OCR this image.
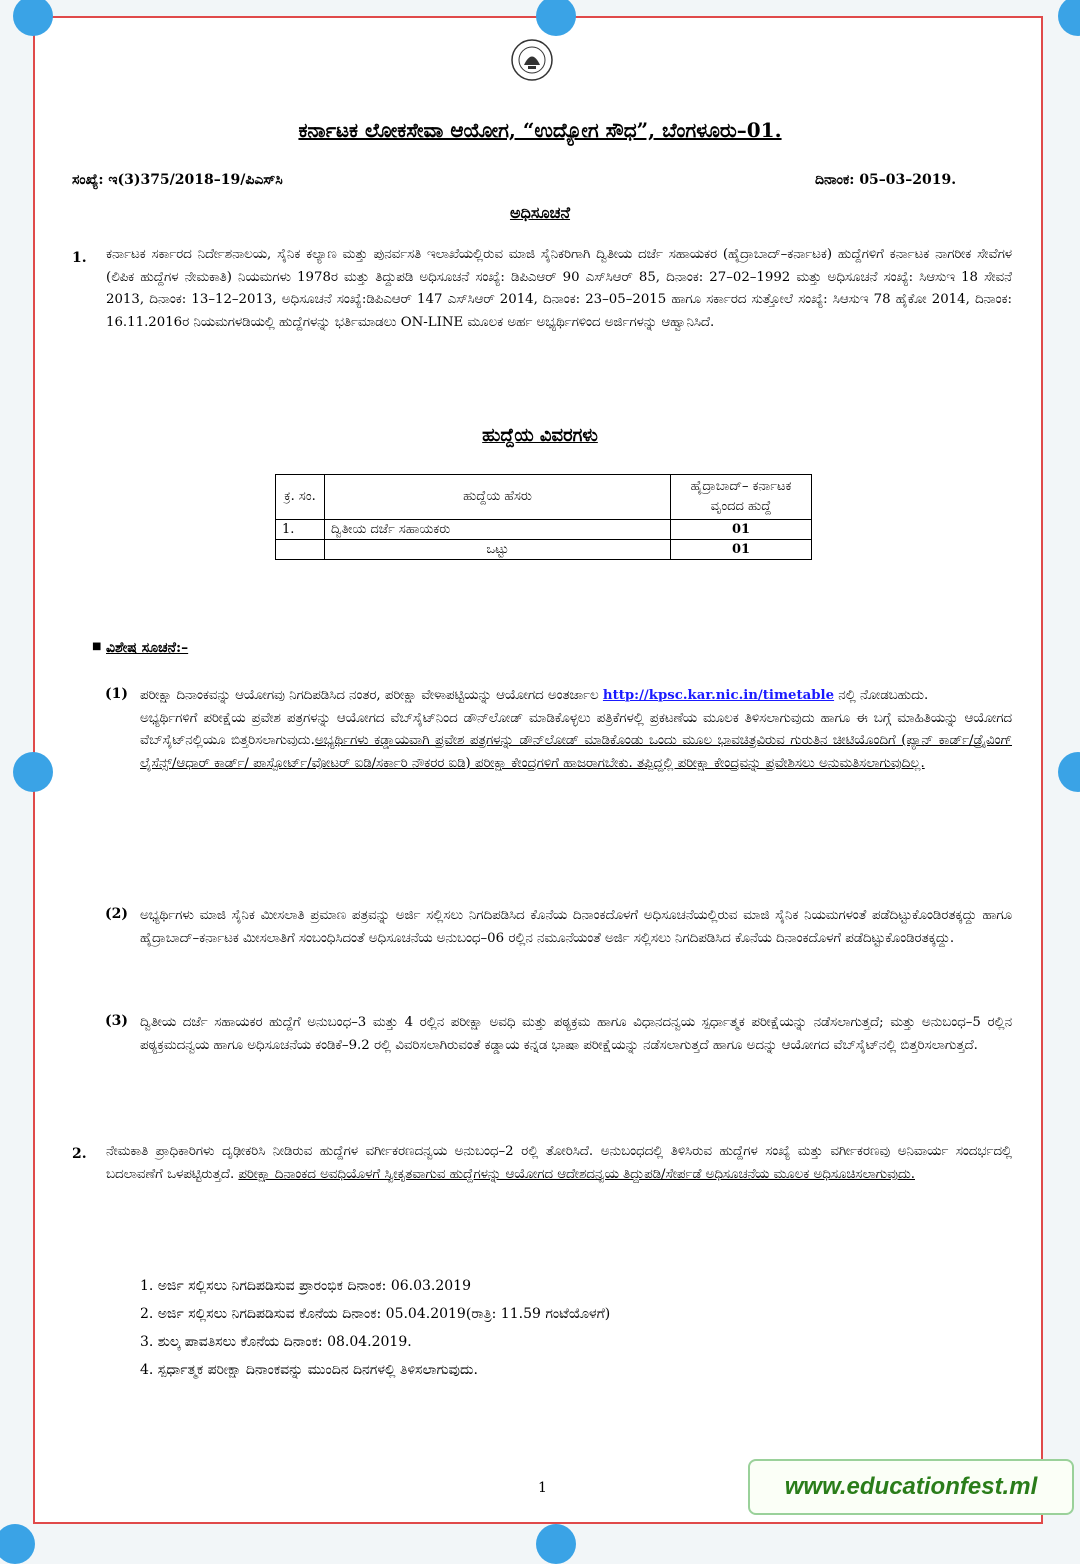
ಕರ್ನಾಟಕ ಲೋಕಸೇವಾ ಆಯೋಗ, “ಉದ್ಯೋಗ ಸೌಧ”, ಬೆಂಗಳೂರು–01.
ಸಂಖ್ಯೆ: ಇ(3)375/2018–19/ಪಿಎಸ್‌ಸಿ	ದಿನಾಂಕ: 05–03–2019.
ಅಧಿಸೂಚನೆ
1. ಕರ್ನಾಟಕ ಸರ್ಕಾರದ ನಿರ್ದೇಶನಾಲಯ, ಸೈನಿಕ ಕಲ್ಯಾಣ ಮತ್ತು ಪುನರ್ವಸತಿ ಇಲಾಖೆಯಲ್ಲಿರುವ ಮಾಜಿ ಸೈನಿಕರಿಗಾಗಿ ದ್ವಿತೀಯ ದರ್ಜೆ ಸಹಾಯಕರ (ಹೈದ್ರಾಬಾದ್–ಕರ್ನಾಟಕ) ಹುದ್ದೆಗಳಿಗೆ ಕರ್ನಾಟಕ ನಾಗರೀಕ ಸೇವೆಗಳ (ಲಿಪಿಕ ಹುದ್ದೆಗಳ ನೇಮಕಾತಿ) ನಿಯಮಗಳು 1978ರ ಮತ್ತು ತಿದ್ದುಪಡಿ ಅಧಿಸೂಚನೆ ಸಂಖ್ಯೆ: ಡಿಪಿಎಆರ್ 90 ಎಸ್‌ಸಿಆರ್ 85, ದಿನಾಂಕ: 27–02–1992 ಮತ್ತು ಅಧಿಸೂಚನೆ ಸಂಖ್ಯೆ: ಸಿಆಸುಇ 18 ಸೇವನೆ 2013, ದಿನಾಂಕ: 13–12–2013, ಅಧಿಸೂಚನೆ ಸಂಖ್ಯೆ:ಡಿಪಿಎಆರ್ 147 ಎಸ್‌ಸಿಆರ್ 2014, ದಿನಾಂಕ: 23–05–2015 ಹಾಗೂ ಸರ್ಕಾರದ ಸುತ್ತೋಲೆ ಸಂಖ್ಯೆ: ಸಿಆಸುಇ 78 ಹೈಕೋ 2014, ದಿನಾಂಕ: 16.11.2016ರ ನಿಯಮಗಳಡಿಯಲ್ಲಿ ಹುದ್ದೆಗಳನ್ನು ಭರ್ತಿಮಾಡಲು ON-LINE ಮೂಲಕ ಅರ್ಹ ಅಭ್ಯರ್ಥಿಗಳಿಂದ ಅರ್ಜಿಗಳನ್ನು ಆಹ್ವಾನಿಸಿದೆ.
ಹುದ್ದೆಯ ವಿವರಗಳು
ಕ್ರ. ಸಂ.	ಹುದ್ದೆಯ ಹೆಸರು	ಹೈದ್ರಾಬಾದ್– ಕರ್ನಾಟಕ ವೃಂದದ ಹುದ್ದೆ
1.	ದ್ವಿತೀಯ ದರ್ಜೆ ಸಹಾಯಕರು	01
	ಒಟ್ಟು	01
■ ವಿಶೇಷ ಸೂಚನೆ:–
(1) ಪರೀಕ್ಷಾ ದಿನಾಂಕವನ್ನು ಆಯೋಗವು ನಿಗದಿಪಡಿಸಿದ ನಂತರ, ಪರೀಕ್ಷಾ ವೇಳಾಪಟ್ಟಿಯನ್ನು ಆಯೋಗದ ಅಂತರ್ಜಾಲ http://kpsc.kar.nic.in/timetable ನಲ್ಲಿ ನೋಡಬಹುದು.
ಅಭ್ಯರ್ಥಿಗಳಿಗೆ ಪರೀಕ್ಷೆಯ ಪ್ರವೇಶ ಪತ್ರಗಳನ್ನು ಆಯೋಗದ ವೆಬ್‌ಸೈಟ್‌ನಿಂದ ಡೌನ್‌ಲೋಡ್ ಮಾಡಿಕೊಳ್ಳಲು ಪತ್ರಿಕೆಗಳಲ್ಲಿ ಪ್ರಕಟಣೆಯ ಮೂಲಕ ತಿಳಿಸಲಾಗುವುದು ಹಾಗೂ ಈ ಬಗ್ಗೆ ಮಾಹಿತಿಯನ್ನು ಆಯೋಗದ ವೆಬ್‌ಸೈಟ್‌ನಲ್ಲಿಯೂ ಬಿತ್ತರಿಸಲಾಗುವುದು.ಅಭ್ಯರ್ಥಿಗಳು ಕಡ್ಡಾಯವಾಗಿ ಪ್ರವೇಶ ಪತ್ರಗಳನ್ನು ಡೌನ್‌ಲೋಡ್ ಮಾಡಿಕೊಂಡು ಒಂದು ಮೂಲ ಭಾವಚಿತ್ರವಿರುವ ಗುರುತಿನ ಚೀಟಿಯೊಂದಿಗೆ (ಪ್ಯಾನ್ ಕಾರ್ಡ್/ಡ್ರೈವಿಂಗ್ ಲೈಸೆನ್ಸ್/ಆಧಾರ್ ಕಾರ್ಡ್/ ಪಾಸ್ಪೋರ್ಟ್/ವೋಟರ್ ಐಡಿ/ಸರ್ಕಾರಿ ನೌಕರರ ಐಡಿ) ಪರೀಕ್ಷಾ ಕೇಂದ್ರಗಳಿಗೆ ಹಾಜರಾಗಬೇಕು. ತಪ್ಪಿದ್ದಲ್ಲಿ ಪರೀಕ್ಷಾ ಕೇಂದ್ರವನ್ನು ಪ್ರವೇಶಿಸಲು ಅನುಮತಿಸಲಾಗುವುದಿಲ್ಲ.
(2) ಅಭ್ಯರ್ಥಿಗಳು ಮಾಜಿ ಸೈನಿಕ ಮೀಸಲಾತಿ ಪ್ರಮಾಣ ಪತ್ರವನ್ನು ಅರ್ಜಿ ಸಲ್ಲಿಸಲು ನಿಗದಿಪಡಿಸಿದ ಕೊನೆಯ ದಿನಾಂಕದೊಳಗೆ ಅಧಿಸೂಚನೆಯಲ್ಲಿರುವ ಮಾಜಿ ಸೈನಿಕ ನಿಯಮಗಳಂತೆ ಪಡೆದಿಟ್ಟುಕೊಂಡಿರತಕ್ಕದ್ದು ಹಾಗೂ ಹೈದ್ರಾಬಾದ್–ಕರ್ನಾಟಕ ಮೀಸಲಾತಿಗೆ ಸಂಬಂಧಿಸಿದಂತೆ ಅಧಿಸೂಚನೆಯ ಅನುಬಂಧ–06 ರಲ್ಲಿನ ನಮೂನೆಯಂತೆ ಅರ್ಜಿ ಸಲ್ಲಿಸಲು ನಿಗದಿಪಡಿಸಿದ ಕೊನೆಯ ದಿನಾಂಕದೊಳಗೆ ಪಡೆದಿಟ್ಟುಕೊಂಡಿರತಕ್ಕದ್ದು.
(3) ದ್ವಿತೀಯ ದರ್ಜೆ ಸಹಾಯಕರ ಹುದ್ದೆಗೆ ಅನುಬಂಧ–3 ಮತ್ತು 4 ರಲ್ಲಿನ ಪರೀಕ್ಷಾ ಅವಧಿ ಮತ್ತು ಪಠ್ಯಕ್ರಮ ಹಾಗೂ ವಿಧಾನದನ್ವಯ ಸ್ಪರ್ಧಾತ್ಮಕ ಪರೀಕ್ಷೆಯನ್ನು ನಡೆಸಲಾಗುತ್ತದೆ; ಮತ್ತು ಅನುಬಂಧ–5 ರಲ್ಲಿನ ಪಠ್ಯಕ್ರಮದನ್ವಯ ಹಾಗೂ ಅಧಿಸೂಚನೆಯ ಕಂಡಿಕೆ–9.2 ರಲ್ಲಿ ವಿವರಿಸಲಾಗಿರುವಂತೆ ಕಡ್ಡಾಯ ಕನ್ನಡ ಭಾಷಾ ಪರೀಕ್ಷೆಯನ್ನು ನಡೆಸಲಾಗುತ್ತದೆ ಹಾಗೂ ಅದನ್ನು ಆಯೋಗದ ವೆಬ್‌ಸೈಟ್‌ನಲ್ಲಿ ಬಿತ್ತರಿಸಲಾಗುತ್ತದೆ.
2. ನೇಮಕಾತಿ ಪ್ರಾಧಿಕಾರಿಗಳು ದೃಢೀಕರಿಸಿ ನೀಡಿರುವ ಹುದ್ದೆಗಳ ವರ್ಗೀಕರಣದನ್ವಯ ಅನುಬಂಧ–2 ರಲ್ಲಿ ತೋರಿಸಿದೆ. ಅನುಬಂಧದಲ್ಲಿ ತಿಳಿಸಿರುವ ಹುದ್ದೆಗಳ ಸಂಖ್ಯೆ ಮತ್ತು ವರ್ಗೀಕರಣವು ಅನಿವಾರ್ಯ ಸಂದರ್ಭದಲ್ಲಿ ಬದಲಾವಣೆಗೆ ಒಳಪಟ್ಟಿರುತ್ತದೆ. ಪರೀಕ್ಷಾ ದಿನಾಂಕದ ಅವಧಿಯೊಳಗೆ ಸ್ವೀಕೃತವಾಗುವ ಹುದ್ದೆಗಳನ್ನು ಆಯೋಗದ ಆದೇಶದನ್ವಯ ತಿದ್ದುಪಡಿ/ಸೇರ್ಪಡೆ ಅಧಿಸೂಚನೆಯ ಮೂಲಕ ಅಧಿಸೂಚಿಸಲಾಗುವುದು.
1. ಅರ್ಜಿ ಸಲ್ಲಿಸಲು ನಿಗದಿಪಡಿಸುವ ಪ್ರಾರಂಭಿಕ ದಿನಾಂಕ: 06.03.2019
2. ಅರ್ಜಿ ಸಲ್ಲಿಸಲು ನಿಗದಿಪಡಿಸುವ ಕೊನೆಯ ದಿನಾಂಕ: 05.04.2019(ರಾತ್ರಿ: 11.59 ಗಂಟೆಯೊಳಗೆ)
3. ಶುಲ್ಕ ಪಾವತಿಸಲು ಕೊನೆಯ ದಿನಾಂಕ: 08.04.2019.
4. ಸ್ಪರ್ಧಾತ್ಮಕ ಪರೀಕ್ಷಾ ದಿನಾಂಕವನ್ನು ಮುಂದಿನ ದಿನಗಳಲ್ಲಿ ತಿಳಿಸಲಾಗುವುದು.
1	www.educationfest.ml
